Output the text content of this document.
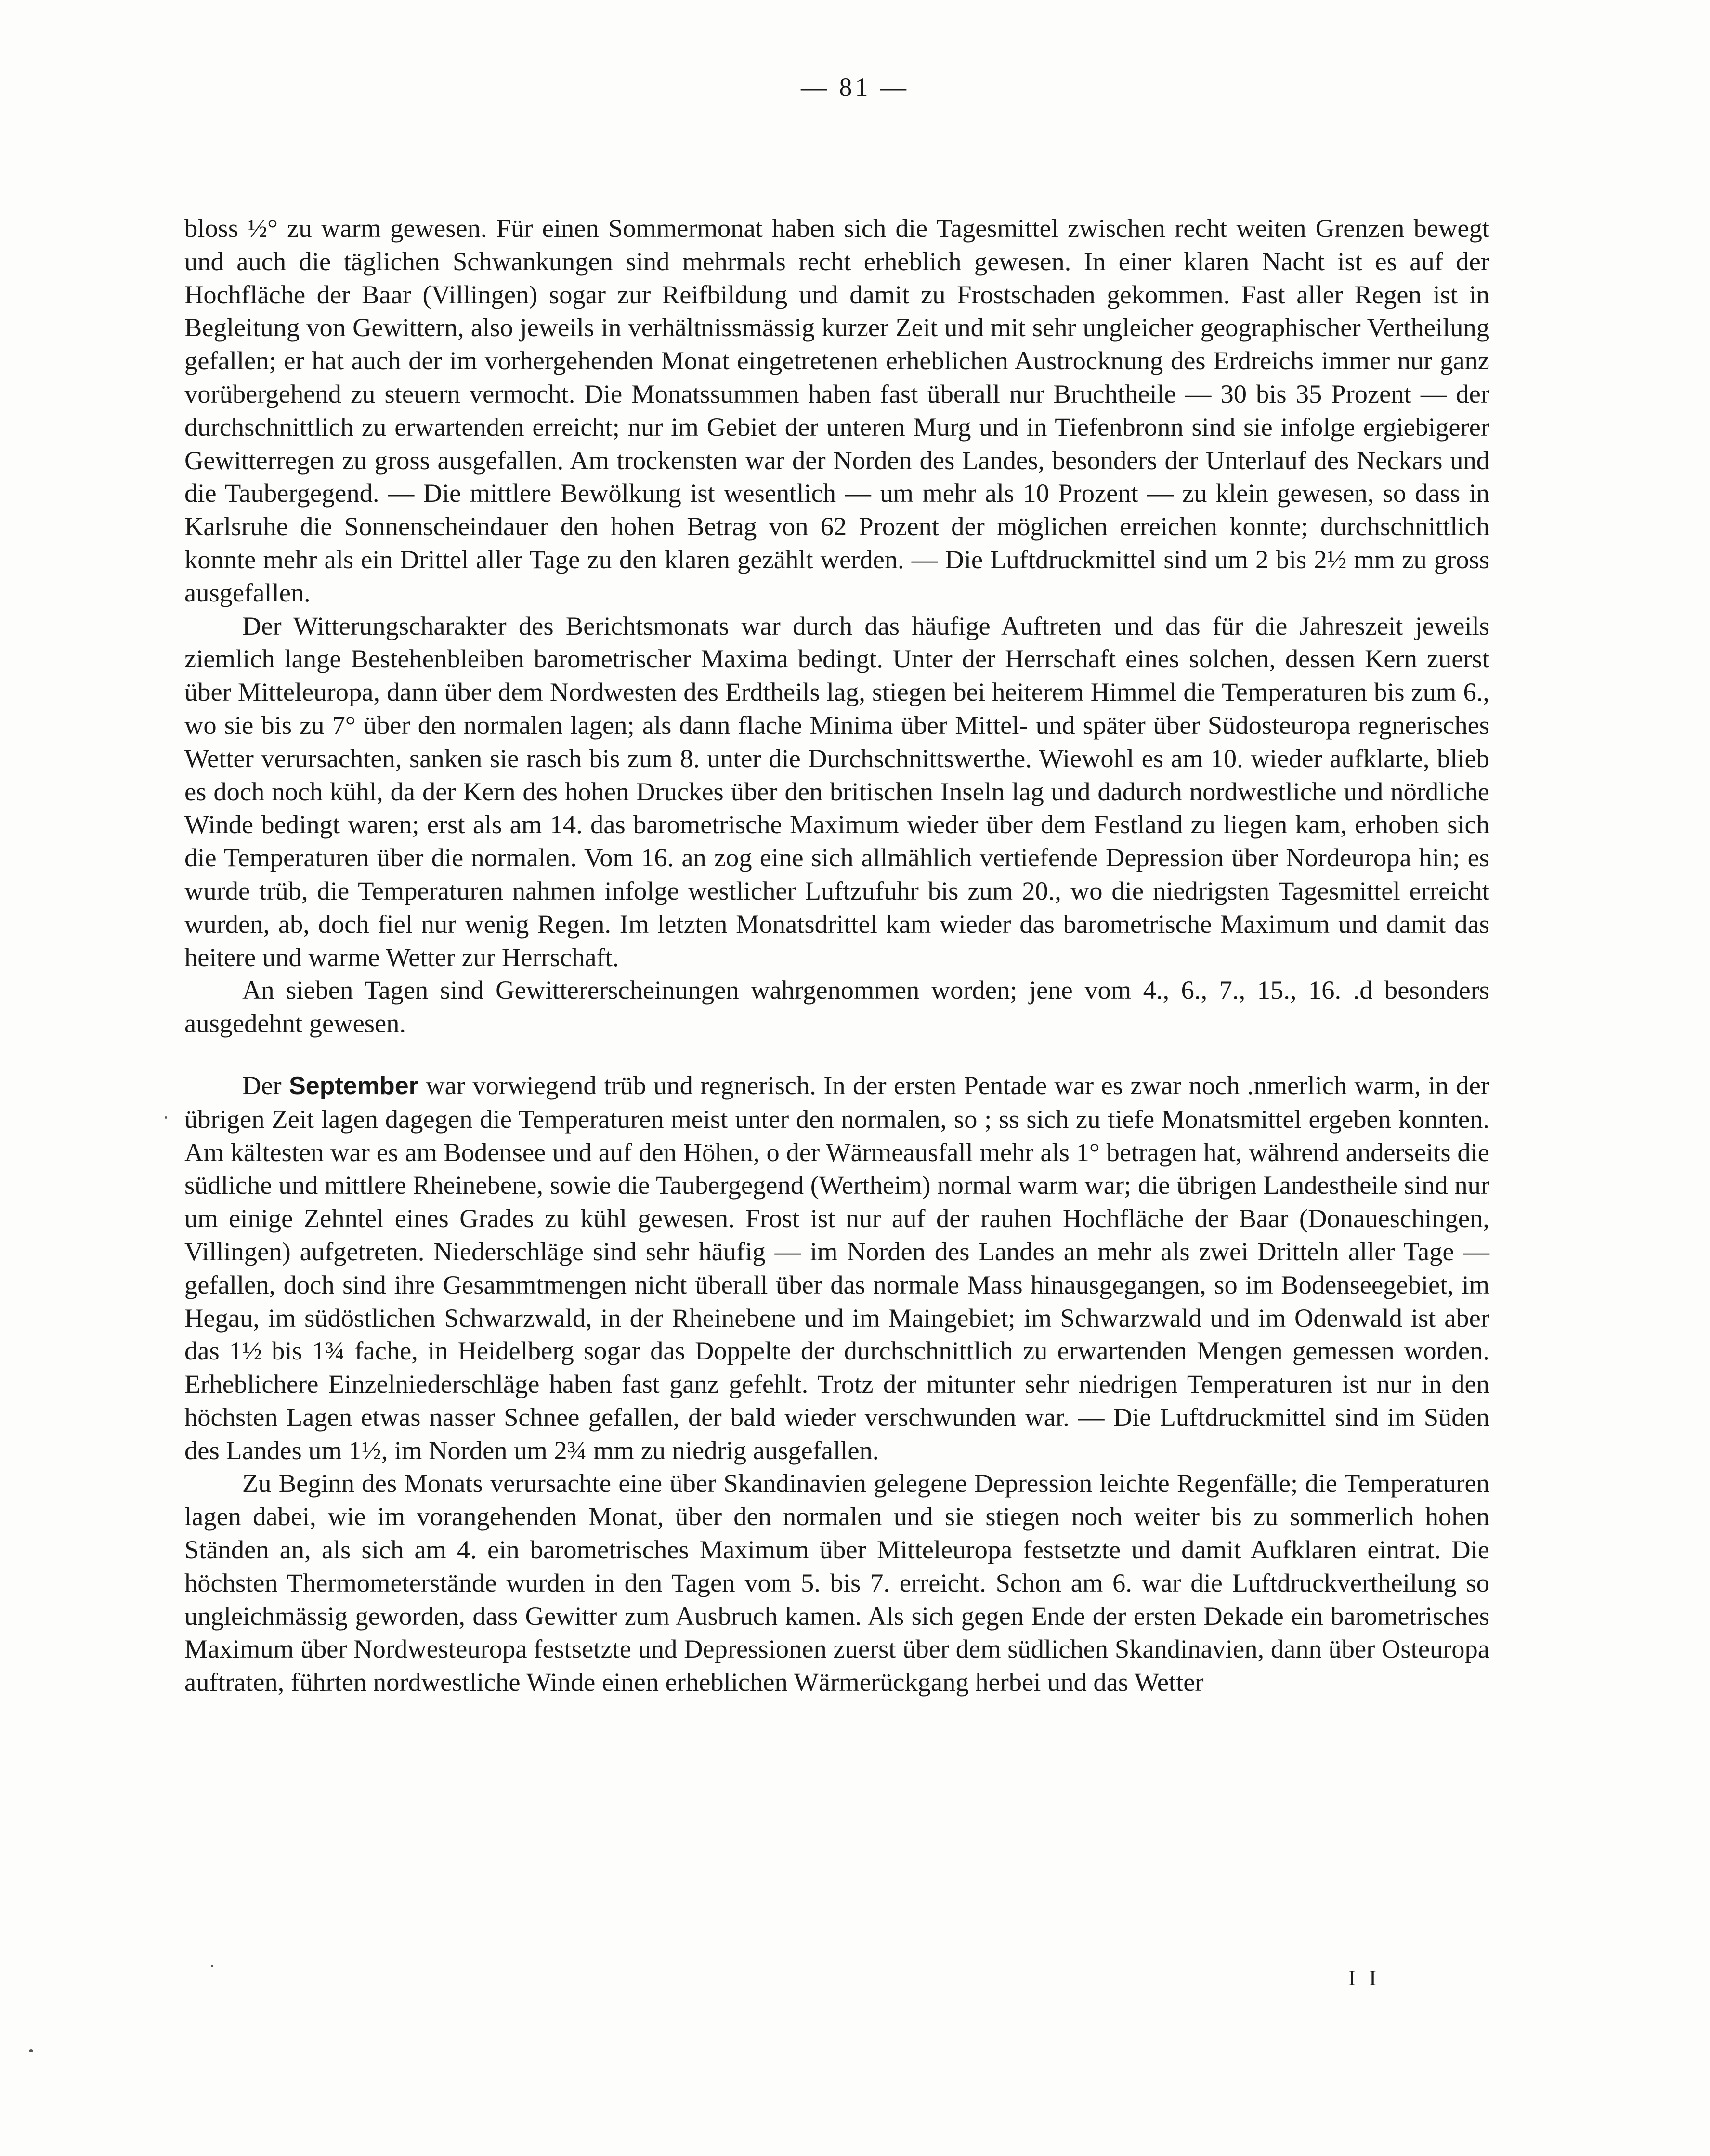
— 81 —

bloss ½° zu warm gewesen. Für einen Sommermonat haben sich die Tagesmittel zwischen recht weiten Grenzen bewegt und auch die täglichen Schwankungen sind mehrmals recht erheblich gewesen. In einer klaren Nacht ist es auf der Hochfläche der Baar (Villingen) sogar zur Reifbildung und damit zu Frostschaden gekommen. Fast aller Regen ist in Begleitung von Gewittern, also jeweils in verhältnissmässig kurzer Zeit und mit sehr ungleicher geographischer Vertheilung gefallen; er hat auch der im vorhergehenden Monat eingetretenen erheblichen Austrocknung des Erdreichs immer nur ganz vorübergehend zu steuern vermocht. Die Monatssummen haben fast überall nur Bruchtheile — 30 bis 35 Prozent — der durchschnittlich zu erwartenden erreicht; nur im Gebiet der unteren Murg und in Tiefenbronn sind sie infolge ergiebigerer Gewitterregen zu gross ausgefallen. Am trockensten war der Norden des Landes, besonders der Unterlauf des Neckars und die Taubergegend. — Die mittlere Bewölkung ist wesentlich — um mehr als 10 Prozent — zu klein gewesen, so dass in Karlsruhe die Sonnenscheindauer den hohen Betrag von 62 Prozent der möglichen erreichen konnte; durchschnittlich konnte mehr als ein Drittel aller Tage zu den klaren gezählt werden. — Die Luftdruckmittel sind um 2 bis 2½ mm zu gross ausgefallen.

Der Witterungscharakter des Berichtsmonats war durch das häufige Auftreten und das für die Jahreszeit jeweils ziemlich lange Bestehenbleiben barometrischer Maxima bedingt. Unter der Herrschaft eines solchen, dessen Kern zuerst über Mitteleuropa, dann über dem Nordwesten des Erdtheils lag, stiegen bei heiterem Himmel die Temperaturen bis zum 6., wo sie bis zu 7° über den normalen lagen; als dann flache Minima über Mittel- und später über Südosteuropa regnerisches Wetter verursachten, sanken sie rasch bis zum 8. unter die Durchschnittswerthe. Wiewohl es am 10. wieder aufklarte, blieb es doch noch kühl, da der Kern des hohen Druckes über den britischen Inseln lag und dadurch nordwestliche und nördliche Winde bedingt waren; erst als am 14. das barometrische Maximum wieder über dem Festland zu liegen kam, erhoben sich die Temperaturen über die normalen. Vom 16. an zog eine sich allmählich vertiefende Depression über Nordeuropa hin; es wurde trüb, die Temperaturen nahmen infolge westlicher Luftzufuhr bis zum 20., wo die niedrigsten Tagesmittel erreicht wurden, ab, doch fiel nur wenig Regen. Im letzten Monatsdrittel kam wieder das barometrische Maximum und damit das heitere und warme Wetter zur Herrschaft.

An sieben Tagen sind Gewittererscheinungen wahrgenommen worden; jene vom 4., 6., 7., 15., 16. .d besonders ausgedehnt gewesen.

Der September war vorwiegend trüb und regnerisch. In der ersten Pentade war es zwar noch .nmerlich warm, in der übrigen Zeit lagen dagegen die Temperaturen meist unter den normalen, so ; ss sich zu tiefe Monatsmittel ergeben konnten. Am kältesten war es am Bodensee und auf den Höhen, o der Wärmeausfall mehr als 1° betragen hat, während anderseits die südliche und mittlere Rheinebene, sowie die Taubergegend (Wertheim) normal warm war; die übrigen Landestheile sind nur um einige Zehntel eines Grades zu kühl gewesen. Frost ist nur auf der rauhen Hochfläche der Baar (Donaueschingen, Villingen) aufgetreten. Niederschläge sind sehr häufig — im Norden des Landes an mehr als zwei Dritteln aller Tage — gefallen, doch sind ihre Gesammtmengen nicht überall über das normale Mass hinausgegangen, so im Bodenseegebiet, im Hegau, im südöstlichen Schwarzwald, in der Rheinebene und im Maingebiet; im Schwarzwald und im Odenwald ist aber das 1½ bis 1¾ fache, in Heidelberg sogar das Doppelte der durchschnittlich zu erwartenden Mengen gemessen worden. Erheblichere Einzelniederschläge haben fast ganz gefehlt. Trotz der mitunter sehr niedrigen Temperaturen ist nur in den höchsten Lagen etwas nasser Schnee gefallen, der bald wieder verschwunden war. — Die Luftdruckmittel sind im Süden des Landes um 1½, im Norden um 2¾ mm zu niedrig ausgefallen.

Zu Beginn des Monats verursachte eine über Skandinavien gelegene Depression leichte Regenfälle; die Temperaturen lagen dabei, wie im vorangehenden Monat, über den normalen und sie stiegen noch weiter bis zu sommerlich hohen Ständen an, als sich am 4. ein barometrisches Maximum über Mitteleuropa festsetzte und damit Aufklaren eintrat. Die höchsten Thermometerstände wurden in den Tagen vom 5. bis 7. erreicht. Schon am 6. war die Luftdruckvertheilung so ungleichmässig geworden, dass Gewitter zum Ausbruch kamen. Als sich gegen Ende der ersten Dekade ein barometrisches Maximum über Nordwesteuropa festsetzte und Depressionen zuerst über dem südlichen Skandinavien, dann über Osteuropa auftraten, führten nordwestliche Winde einen erheblichen Wärmerückgang herbei und das Wetter

I I
